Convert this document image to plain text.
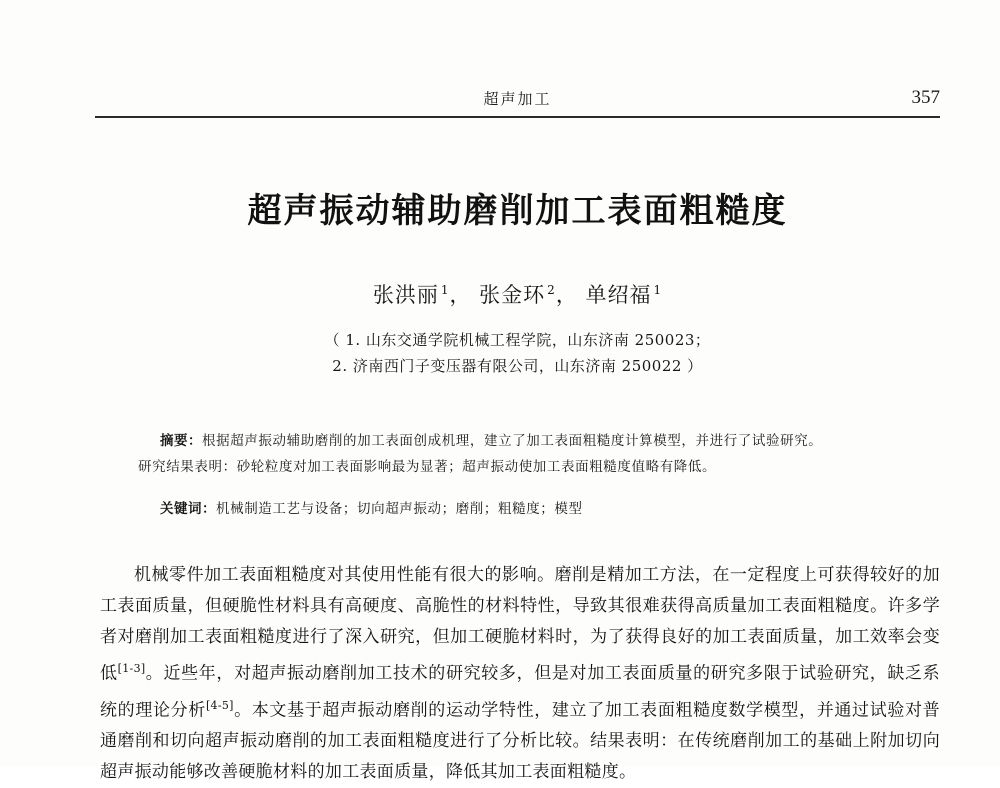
超声加工	357
超声振动辅助磨削加工表面粗糙度
张洪丽 $^1$， 张金环 $^2$， 单绍福 $^1$
（ 1. 山东交通学院机械工程学院，山东济南 250023；
2. 济南西门子变压器有限公司，山东济南 250022 ）
摘要：根据超声振动辅助磨削的加工表面创成机理，建立了加工表面粗糙度计算模型，并进行了试验研究。
研究结果表明：砂轮粒度对加工表面影响最为显著；超声振动使加工表面粗糙度值略有降低。
关键词：机械制造工艺与设备；切向超声振动；磨削；粗糙度；模型

机械零件加工表面粗糙度对其使用性能有很大的影响。磨削是精加工方法，在一定程度上可获得较好的加工表面质量，但硬脆性材料具有高硬度、高脆性的材料特性，导致其很难获得高质量加工表面粗糙度。许多学者对磨削加工表面粗糙度进行了深入研究，但加工硬脆材料时，为了获得良好的加工表面质量，加工效率会变低[1-3]。近些年，对超声振动磨削加工技术的研究较多，但是对加工表面质量的研究多限于试验研究，缺乏系统的理论分析[4-5]。本文基于超声振动磨削的运动学特性，建立了加工表面粗糙度数学模型，并通过试验对普通磨削和切向超声振动磨削的加工表面粗糙度进行了分析比较。结果表明：在传统磨削加工的基础上附加切向超声振动能够改善硬脆材料的加工表面质量，降低其加工表面粗糙度。
